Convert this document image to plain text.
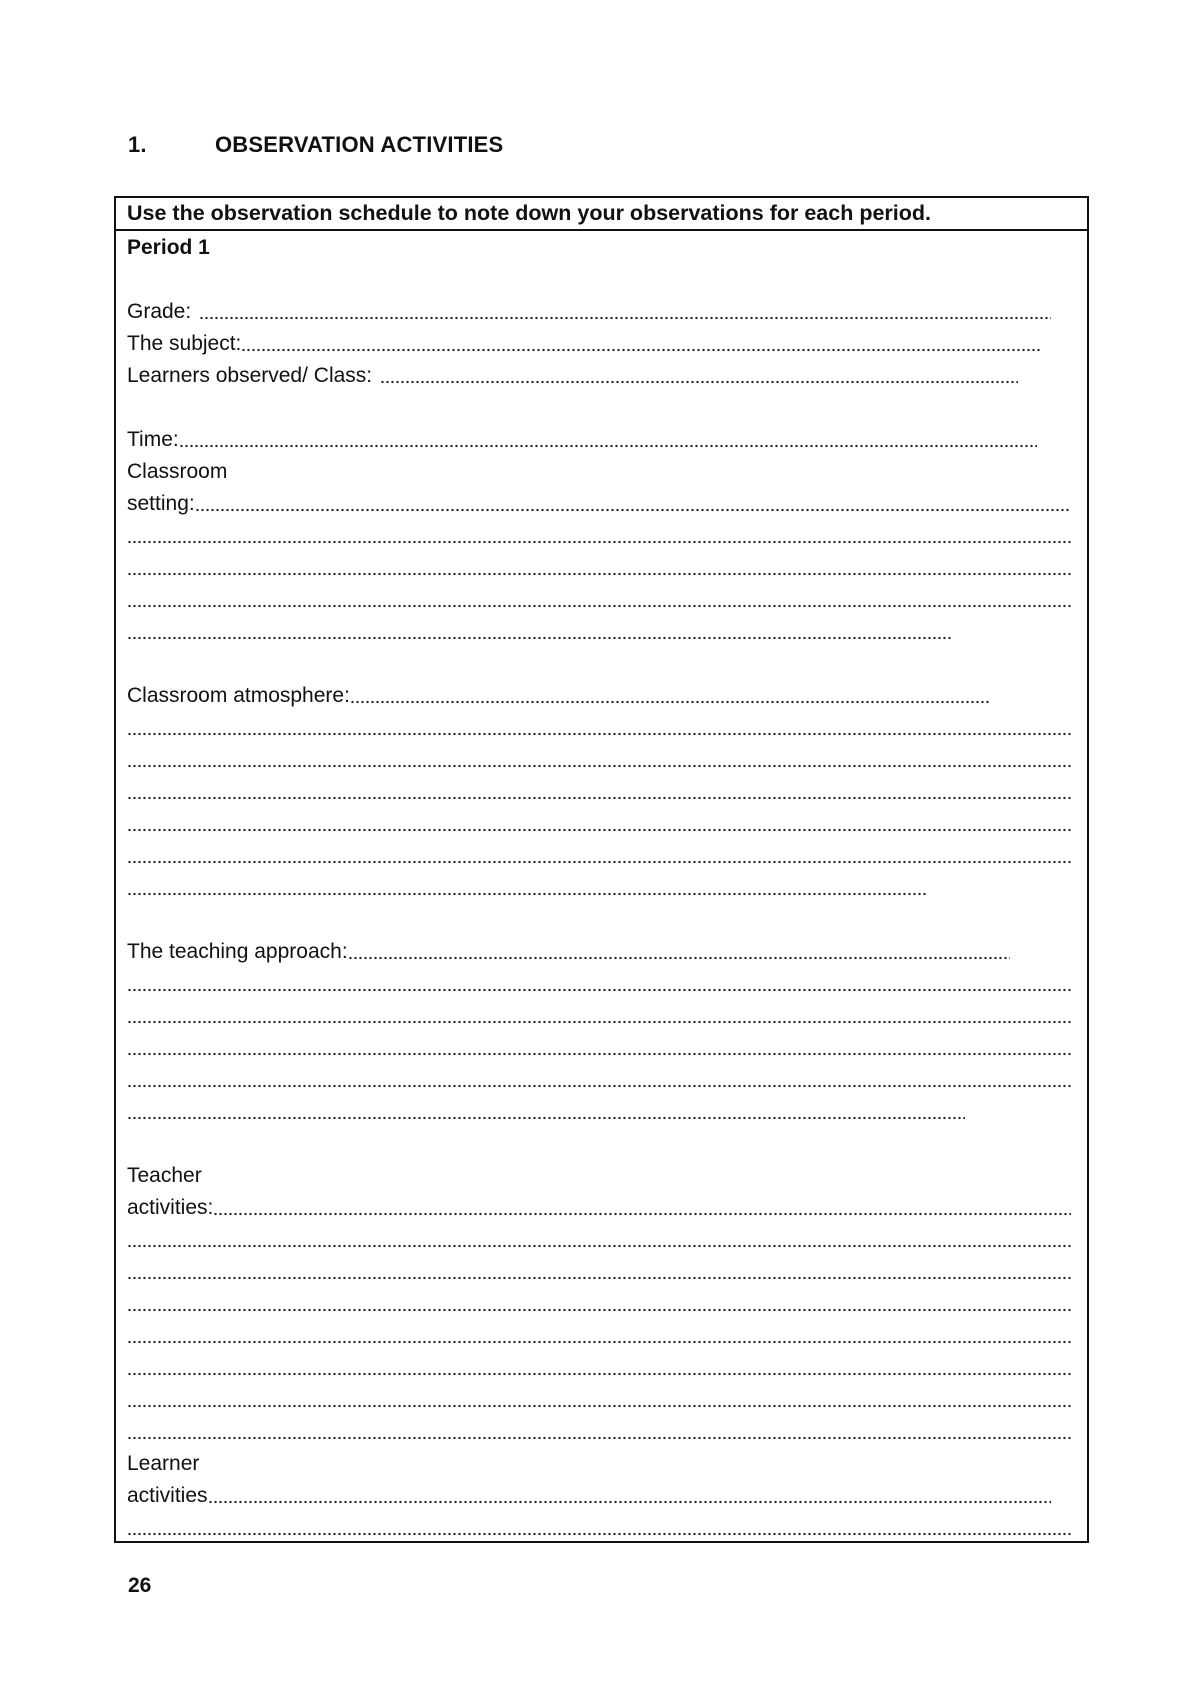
1.	OBSERVATION ACTIVITIES
Use the observation schedule to note down your observations for each period.
Period 1
Grade:
The subject:
Learners observed/ Class:
Time:
Classroom
setting:
Classroom atmosphere:
The teaching approach:
Teacher
activities:
Learner
activities
26
